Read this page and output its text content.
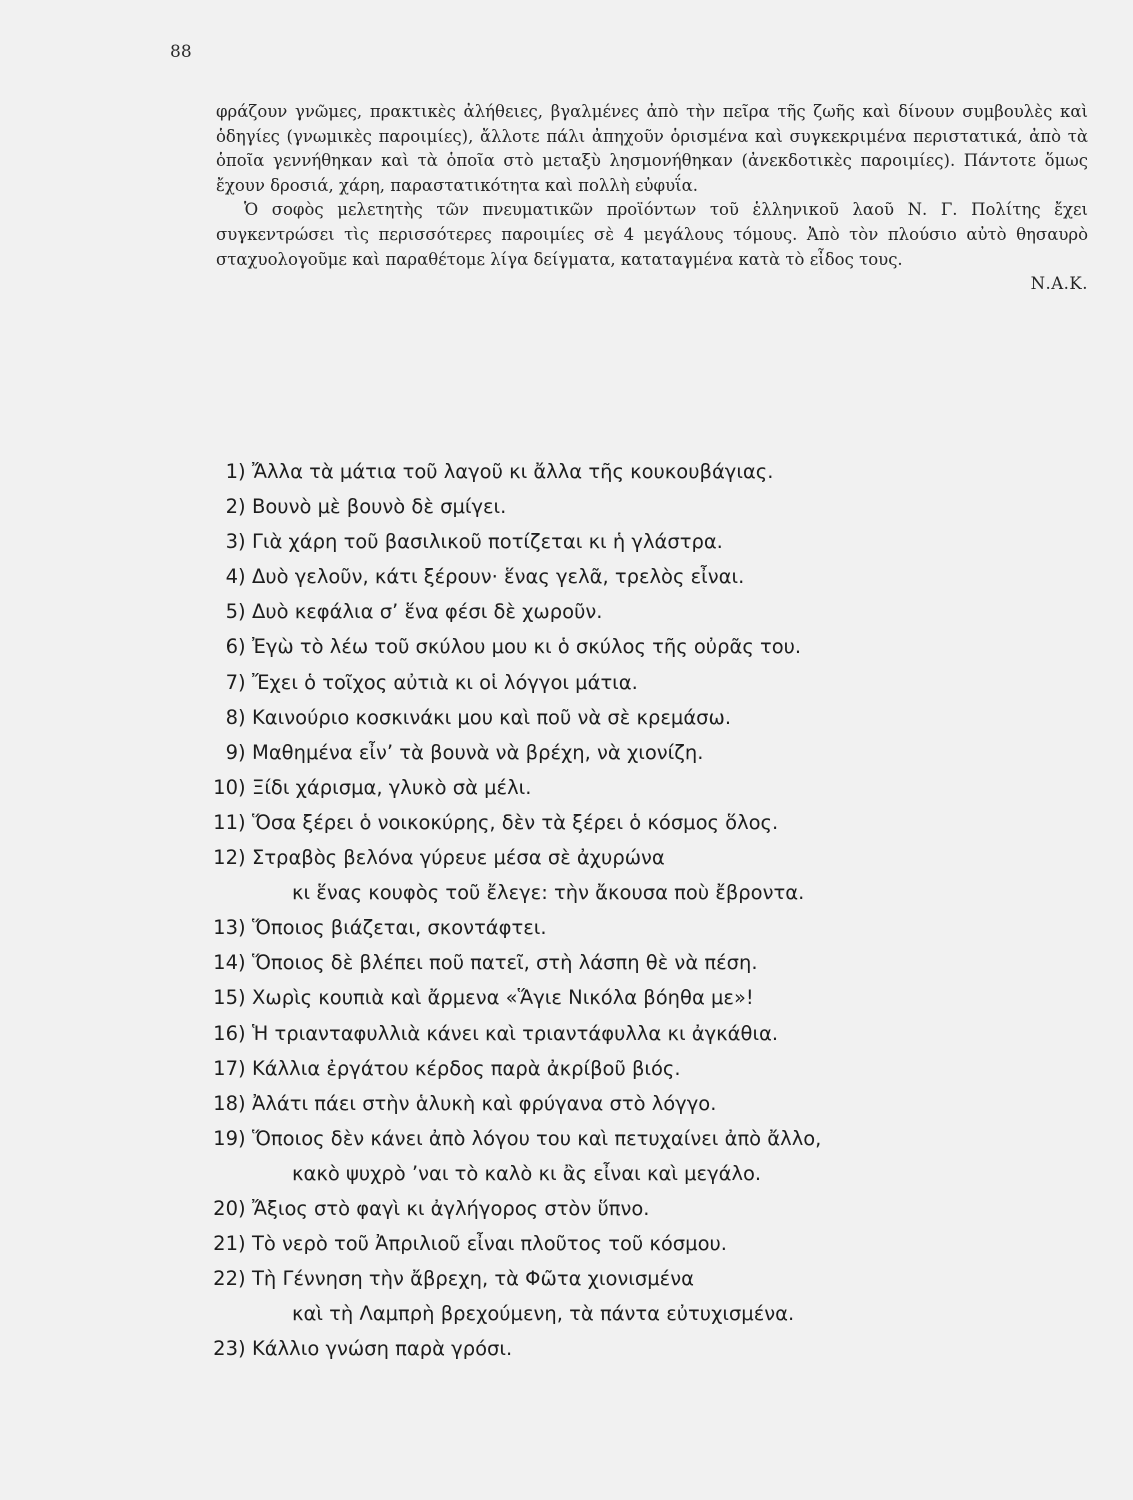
88

φράζουν γνῶμες, πρακτικὲς ἀλήθειες, βγαλμένες ἀπὸ τὴν πεῖρα τῆς ζωῆς καὶ δίνουν συμβουλὲς καὶ ὁδηγίες (γνωμικὲς παροιμίες), ἄλλοτε πάλι ἀπηχοῦν ὁρισμένα καὶ συγκεκριμένα περιστατικά, ἀπὸ τὰ ὁποῖα γεννήθηκαν καὶ τὰ ὁποῖα στὸ μεταξὺ λησμονήθηκαν (ἀνεκδοτικὲς παροιμίες). Πάντοτε ὅμως ἔχουν δροσιά, χάρη, παραστατικότητα καὶ πολλὴ εὐφυΐα.

Ὁ σοφὸς μελετητὴς τῶν πνευματικῶν προϊόντων τοῦ ἑλληνικοῦ λαοῦ Ν. Γ. Πολίτης ἔχει συγκεντρώσει τὶς περισσότερες παροιμίες σὲ 4 μεγάλους τόμους. Ἀπὸ τὸν πλούσιο αὐτὸ θησαυρὸ σταχυολογοῦμε καὶ παραθέτομε λίγα δείγματα, καταταγμένα κατὰ τὸ εἶδος τους.

Ν.Α.Κ.

1 ) Ἄλλα τὰ μάτια τοῦ λαγοῦ κι ἄλλα τῆς κουκουβάγιας.
2 ) Βουνὸ μὲ βουνὸ δὲ σμίγει.
3 ) Γιὰ χάρη τοῦ βασιλικοῦ ποτίζεται κι ἡ γλάστρα.
4 ) Δυὸ γελοῦν, κάτι ξέρουν· ἕνας γελᾶ, τρελὸς εἶναι.
5 ) Δυὸ κεφάλια σ’ ἕνα φέσι δὲ χωροῦν.
6 ) Ἐγὼ τὸ λέω τοῦ σκύλου μου κι ὁ σκύλος τῆς οὐρᾶς του.
7 ) Ἔχει ὁ τοῖχος αὐτιὰ κι οἱ λόγγοι μάτια.
8 ) Καινούριο κοσκινάκι μου καὶ ποῦ νὰ σὲ κρεμάσω.
9 ) Μαθημένα εἶν’ τὰ βουνὰ νὰ βρέχη, νὰ χιονίζη.
10 ) Ξίδι χάρισμα, γλυκὸ σὰ μέλι.
11 ) Ὅσα ξέρει ὁ νοικοκύρης, δὲν τὰ ξέρει ὁ κόσμος ὅλος.
12 ) Στραβὸς βελόνα γύρευε μέσα σὲ ἀχυρώνα
κι ἕνας κουφὸς τοῦ ἔλεγε: τὴν ἄκουσα ποὺ ἔβροντα.
13 ) Ὅποιος βιάζεται, σκοντάφτει.
14 ) Ὅποιος δὲ βλέπει ποῦ πατεῖ, στὴ λάσπη θὲ νὰ πέση.
15 ) Χωρὶς κουπιὰ καὶ ἄρμενα «Ἅγιε Νικόλα βόηθα με»!
16 ) Ἡ τριανταφυλλιὰ κάνει καὶ τριαντάφυλλα κι ἀγκάθια.
17 ) Κάλλια ἐργάτου κέρδος παρὰ ἀκρίβοῦ βιός.
18 ) Ἀλάτι πάει στὴν ἁλυκὴ καὶ φρύγανα στὸ λόγγο.
19 ) Ὅποιος δὲν κάνει ἀπὸ λόγου του καὶ πετυχαίνει ἀπὸ ἄλλο,
κακὸ ψυχρὸ ’ναι τὸ καλὸ κι ἂς εἶναι καὶ μεγάλο.
20 ) Ἄξιος στὸ φαγὶ κι ἀγλήγορος στὸν ὕπνο.
21 ) Τὸ νερὸ τοῦ Ἀπριλιοῦ εἶναι πλοῦτος τοῦ κόσμου.
22 ) Τὴ Γέννηση τὴν ἄβρεχη, τὰ Φῶτα χιονισμένα
καὶ τὴ Λαμπρὴ βρεχούμενη, τὰ πάντα εὐτυχισμένα.
23 ) Κάλλιο γνώση παρὰ γρόσι.
